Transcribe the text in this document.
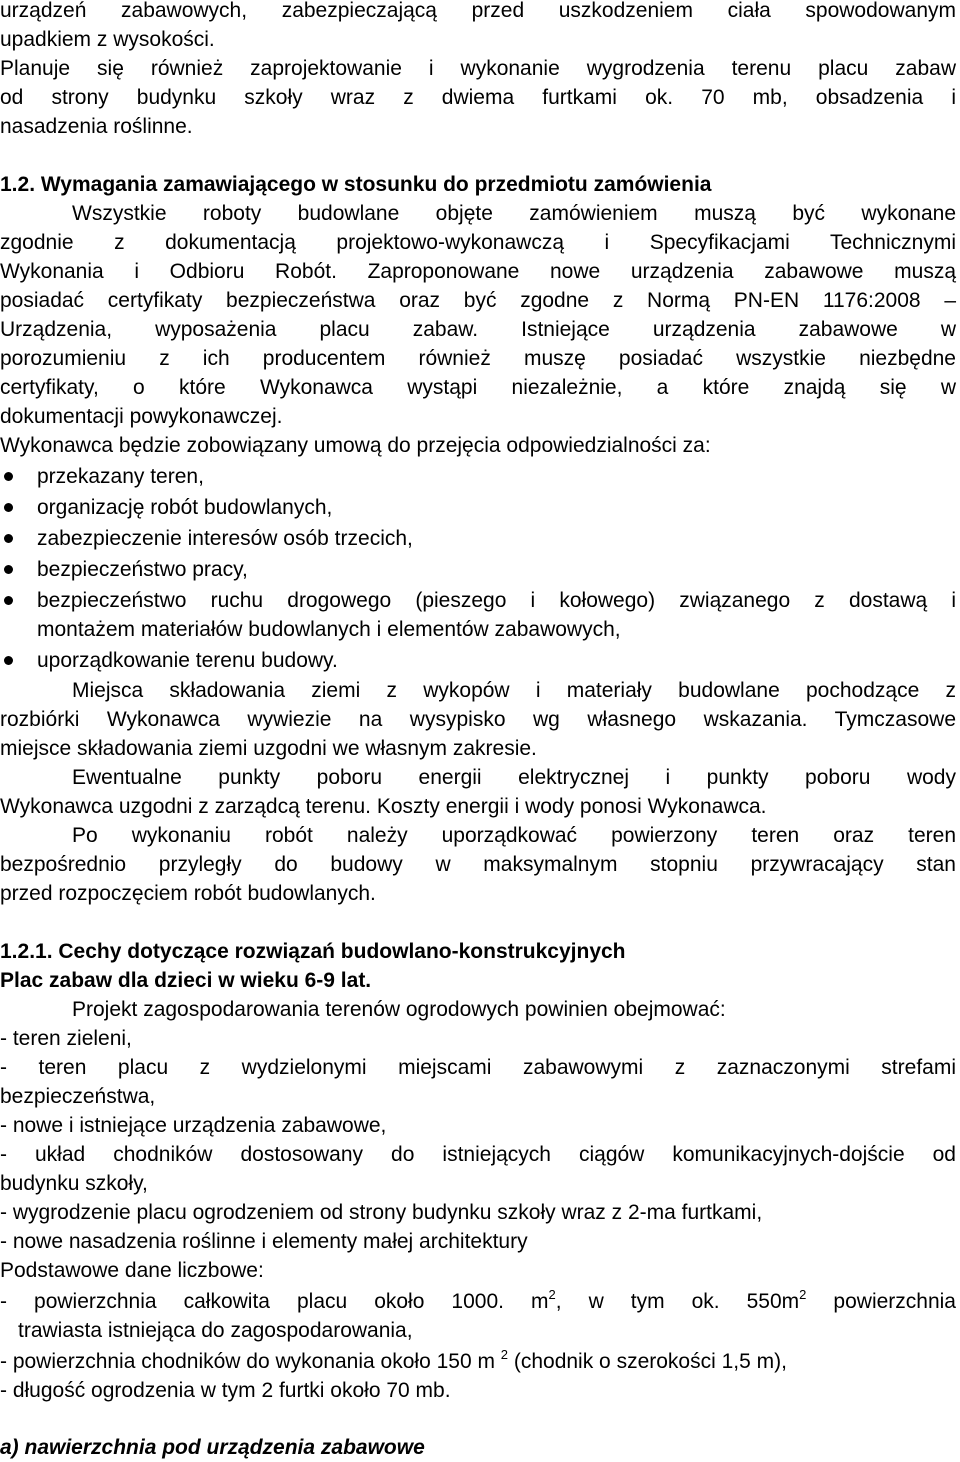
urządzeń zabawowych, zabezpieczającą przed uszkodzeniem ciała spowodowanym

upadkiem z wysokości.

Planuje się również zaprojektowanie i wykonanie wygrodzenia terenu placu zabaw

od strony budynku szkoły wraz z dwiema furtkami ok. 70 mb, obsadzenia i

nasadzenia roślinne.

1.2. Wymagania zamawiającego w stosunku do przedmiotu zamówienia

Wszystkie roboty budowlane objęte zamówieniem muszą być wykonane

zgodnie z dokumentacją projektowo-wykonawczą i Specyfikacjami Technicznymi

Wykonania i Odbioru Robót. Zaproponowane nowe urządzenia zabawowe muszą

posiadać certyfikaty bezpieczeństwa oraz być zgodne z Normą PN-EN 1176:2008 –

Urządzenia, wyposażenia placu zabaw. Istniejące urządzenia zabawowe w

porozumieniu z ich producentem również muszę posiadać wszystkie niezbędne

certyfikaty, o które Wykonawca wystąpi niezależnie, a które znajdą się w

dokumentacji powykonawczej.

Wykonawca będzie zobowiązany umową do przejęcia odpowiedzialności za:

przekazany teren,
organizację robót budowlanych,
zabezpieczenie interesów osób trzecich,
bezpieczeństwo pracy,
bezpieczeństwo ruchu drogowego (pieszego i kołowego) związanego z dostawą i

montażem materiałów budowlanych i elementów zabawowych,

uporządkowanie terenu budowy.

Miejsca składowania ziemi z wykopów i materiały budowlane pochodzące z

rozbiórki Wykonawca wywiezie na wysypisko wg własnego wskazania. Tymczasowe

miejsce składowania ziemi uzgodni we własnym zakresie.

Ewentualne punkty poboru energii elektrycznej i punkty poboru wody

Wykonawca uzgodni z zarządcą terenu. Koszty energii i wody ponosi Wykonawca.

Po wykonaniu robót należy uporządkować powierzony teren oraz teren

bezpośrednio przyległy do budowy w maksymalnym stopniu przywracający stan

przed rozpoczęciem robót budowlanych.

1.2.1. Cechy dotyczące rozwiązań budowlano-konstrukcyjnych

Plac zabaw dla dzieci w wieku 6-9 lat.

Projekt zagospodarowania terenów ogrodowych powinien obejmować:

- teren zieleni,

- teren placu z wydzielonymi miejscami zabawowymi z zaznaczonymi strefami

bezpieczeństwa,

- nowe i istniejące urządzenia zabawowe,

- układ chodników dostosowany do istniejących ciągów komunikacyjnych-dojście od

budynku szkoły,

- wygrodzenie placu ogrodzeniem od strony budynku szkoły wraz z 2-ma furtkami,

- nowe nasadzenia roślinne i elementy małej architektury

Podstawowe dane liczbowe:

- powierzchnia całkowita placu około 1000. $m^2$, w tym ok. $550m^2$ powierzchnia

trawiasta istniejąca do zagospodarowania,

- powierzchnia chodników do wykonania około 150 m $^2$ (chodnik o szerokości 1,5 m),

- długość ogrodzenia w tym 2 furtki około 70 mb.

a) nawierzchnia pod urządzenia zabawowe
